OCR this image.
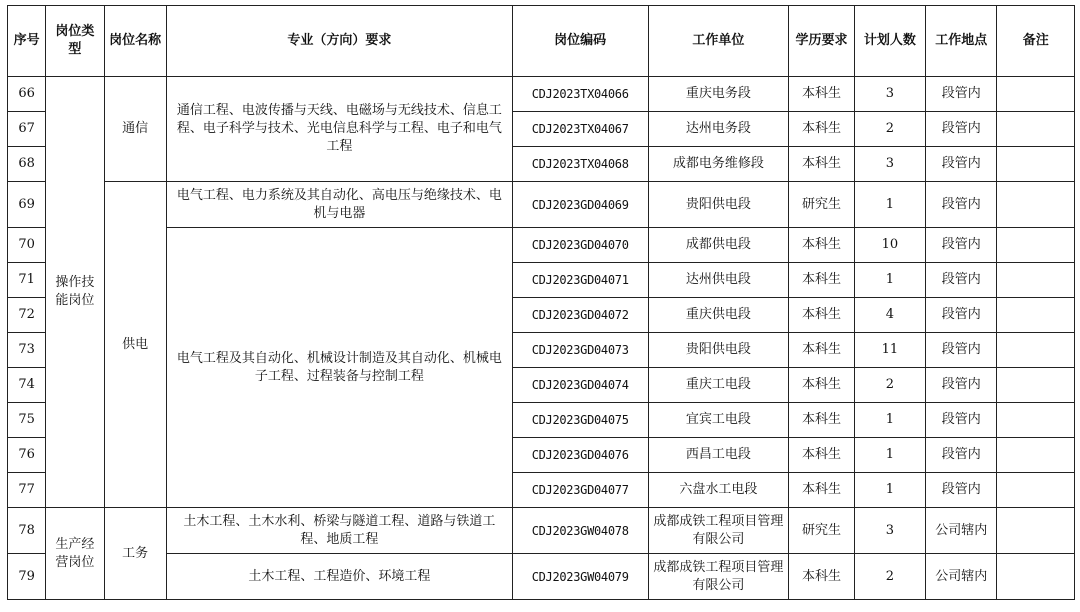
序号	岗位类型	岗位名称	专业（方向）要求	岗位编码	工作单位	学历要求	计划人数	工作地点	备注
66	操作技能岗位	通信	通信工程、电波传播与天线、电磁场与无线技术、信息工程、电子科学与技术、光电信息科学与工程、电子和电气工程	CDJ2023TX04066	重庆电务段	本科生	3	段管内	
67				CDJ2023TX04067	达州电务段	本科生	2	段管内	
68				CDJ2023TX04068	成都电务维修段	本科生	3	段管内	
69		供电	电气工程、电力系统及其自动化、高电压与绝缘技术、电机与电器	CDJ2023GD04069	贵阳供电段	研究生	1	段管内	
70			电气工程及其自动化、机械设计制造及其自动化、机械电子工程、过程装备与控制工程	CDJ2023GD04070	成都供电段	本科生	10	段管内	
71				CDJ2023GD04071	达州供电段	本科生	1	段管内	
72				CDJ2023GD04072	重庆供电段	本科生	4	段管内	
73				CDJ2023GD04073	贵阳供电段	本科生	11	段管内	
74				CDJ2023GD04074	重庆工电段	本科生	2	段管内	
75				CDJ2023GD04075	宜宾工电段	本科生	1	段管内	
76				CDJ2023GD04076	西昌工电段	本科生	1	段管内	
77				CDJ2023GD04077	六盘水工电段	本科生	1	段管内	
78	生产经营岗位	工务	土木工程、土木水利、桥梁与隧道工程、道路与铁道工程、地质工程	CDJ2023GW04078	成都成铁工程项目管理有限公司	研究生	3	公司辖内	
79			土木工程、工程造价、环境工程	CDJ2023GW04079	成都成铁工程项目管理有限公司	本科生	2	公司辖内	
